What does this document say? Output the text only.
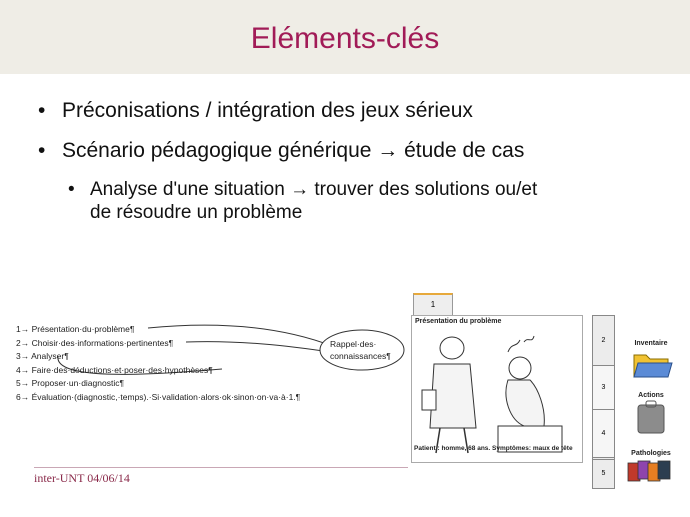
Eléments-clés
• Préconisations / intégration des jeux sérieux
• Scénario pédagogique générique → étude de cas
• Analyse d'une situation → trouver des solutions ou/et
de résoudre un problème
Rappel·des·
connaissances¶
1→ Présentation·du·problème¶
2→ Choisir·des·informations·pertinentes¶
3→ Analyser¶
4→ Faire·des·déductions·et·poser·des·hypothèses¶
5→ Proposer·un·diagnostic¶
6→ Évaluation·(diagnostic,·temps).·Si·validation·alors·ok·sinon·on·va·à·1.¶
inter-UNT 04/06/14
1
Présentation du problème
Patient : homme, 68 ans. Symptômes: maux de tête
2
3
4
5
Inventaire
Actions
Pathologies
